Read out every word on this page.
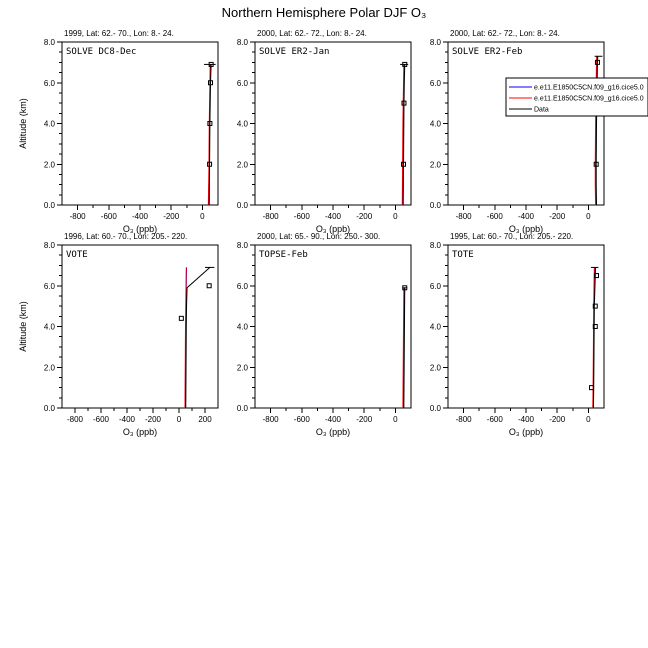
Northern Hemisphere Polar DJF O₃
1999, Lat: 62.- 70., Lon: 8.- 24.
-800 -600 -400 -200	0
0.0
2.0
4.0
6.0
8.0
O₃ (ppb)
Altitude (km)
SOLVE DC8-Dec
2000, Lat: 62.- 72., Lon: 8.- 24.
-800 -600 -400 -200	0
0.0
2.0
4.0
6.0
8.0
O₃ (ppb)
SOLVE ER2-Jan
2000, Lat: 62.- 72., Lon: 8.- 24.
-800 -600 -400 -200	0
0.0
2.0
4.0
6.0
8.0
O₃ (ppb)
SOLVE ER2-Feb
e.e11.E1850C5CN.f09_g16.cice5.0
e.e11.E1850C5CN.f09_g16.cice5.0
Data
1996, Lat: 60.- 70., Lon: 205.- 220.
-800 -600 -400 -200 0 200
0.0
2.0
4.0
6.0
8.0
O₃ (ppb)
Altitude (km)
VOTE
2000, Lat: 65.- 90., Lon: 250.- 300.
-800 -600 -400 -200	0
0.0
2.0
4.0
6.0
8.0
O₃ (ppb)
TOPSE-Feb
1995, Lat: 60.- 70., Lon: 205.- 220.
-800 -600 -400 -200	0
0.0
2.0
4.0
6.0
8.0
O₃ (ppb)
TOTE
